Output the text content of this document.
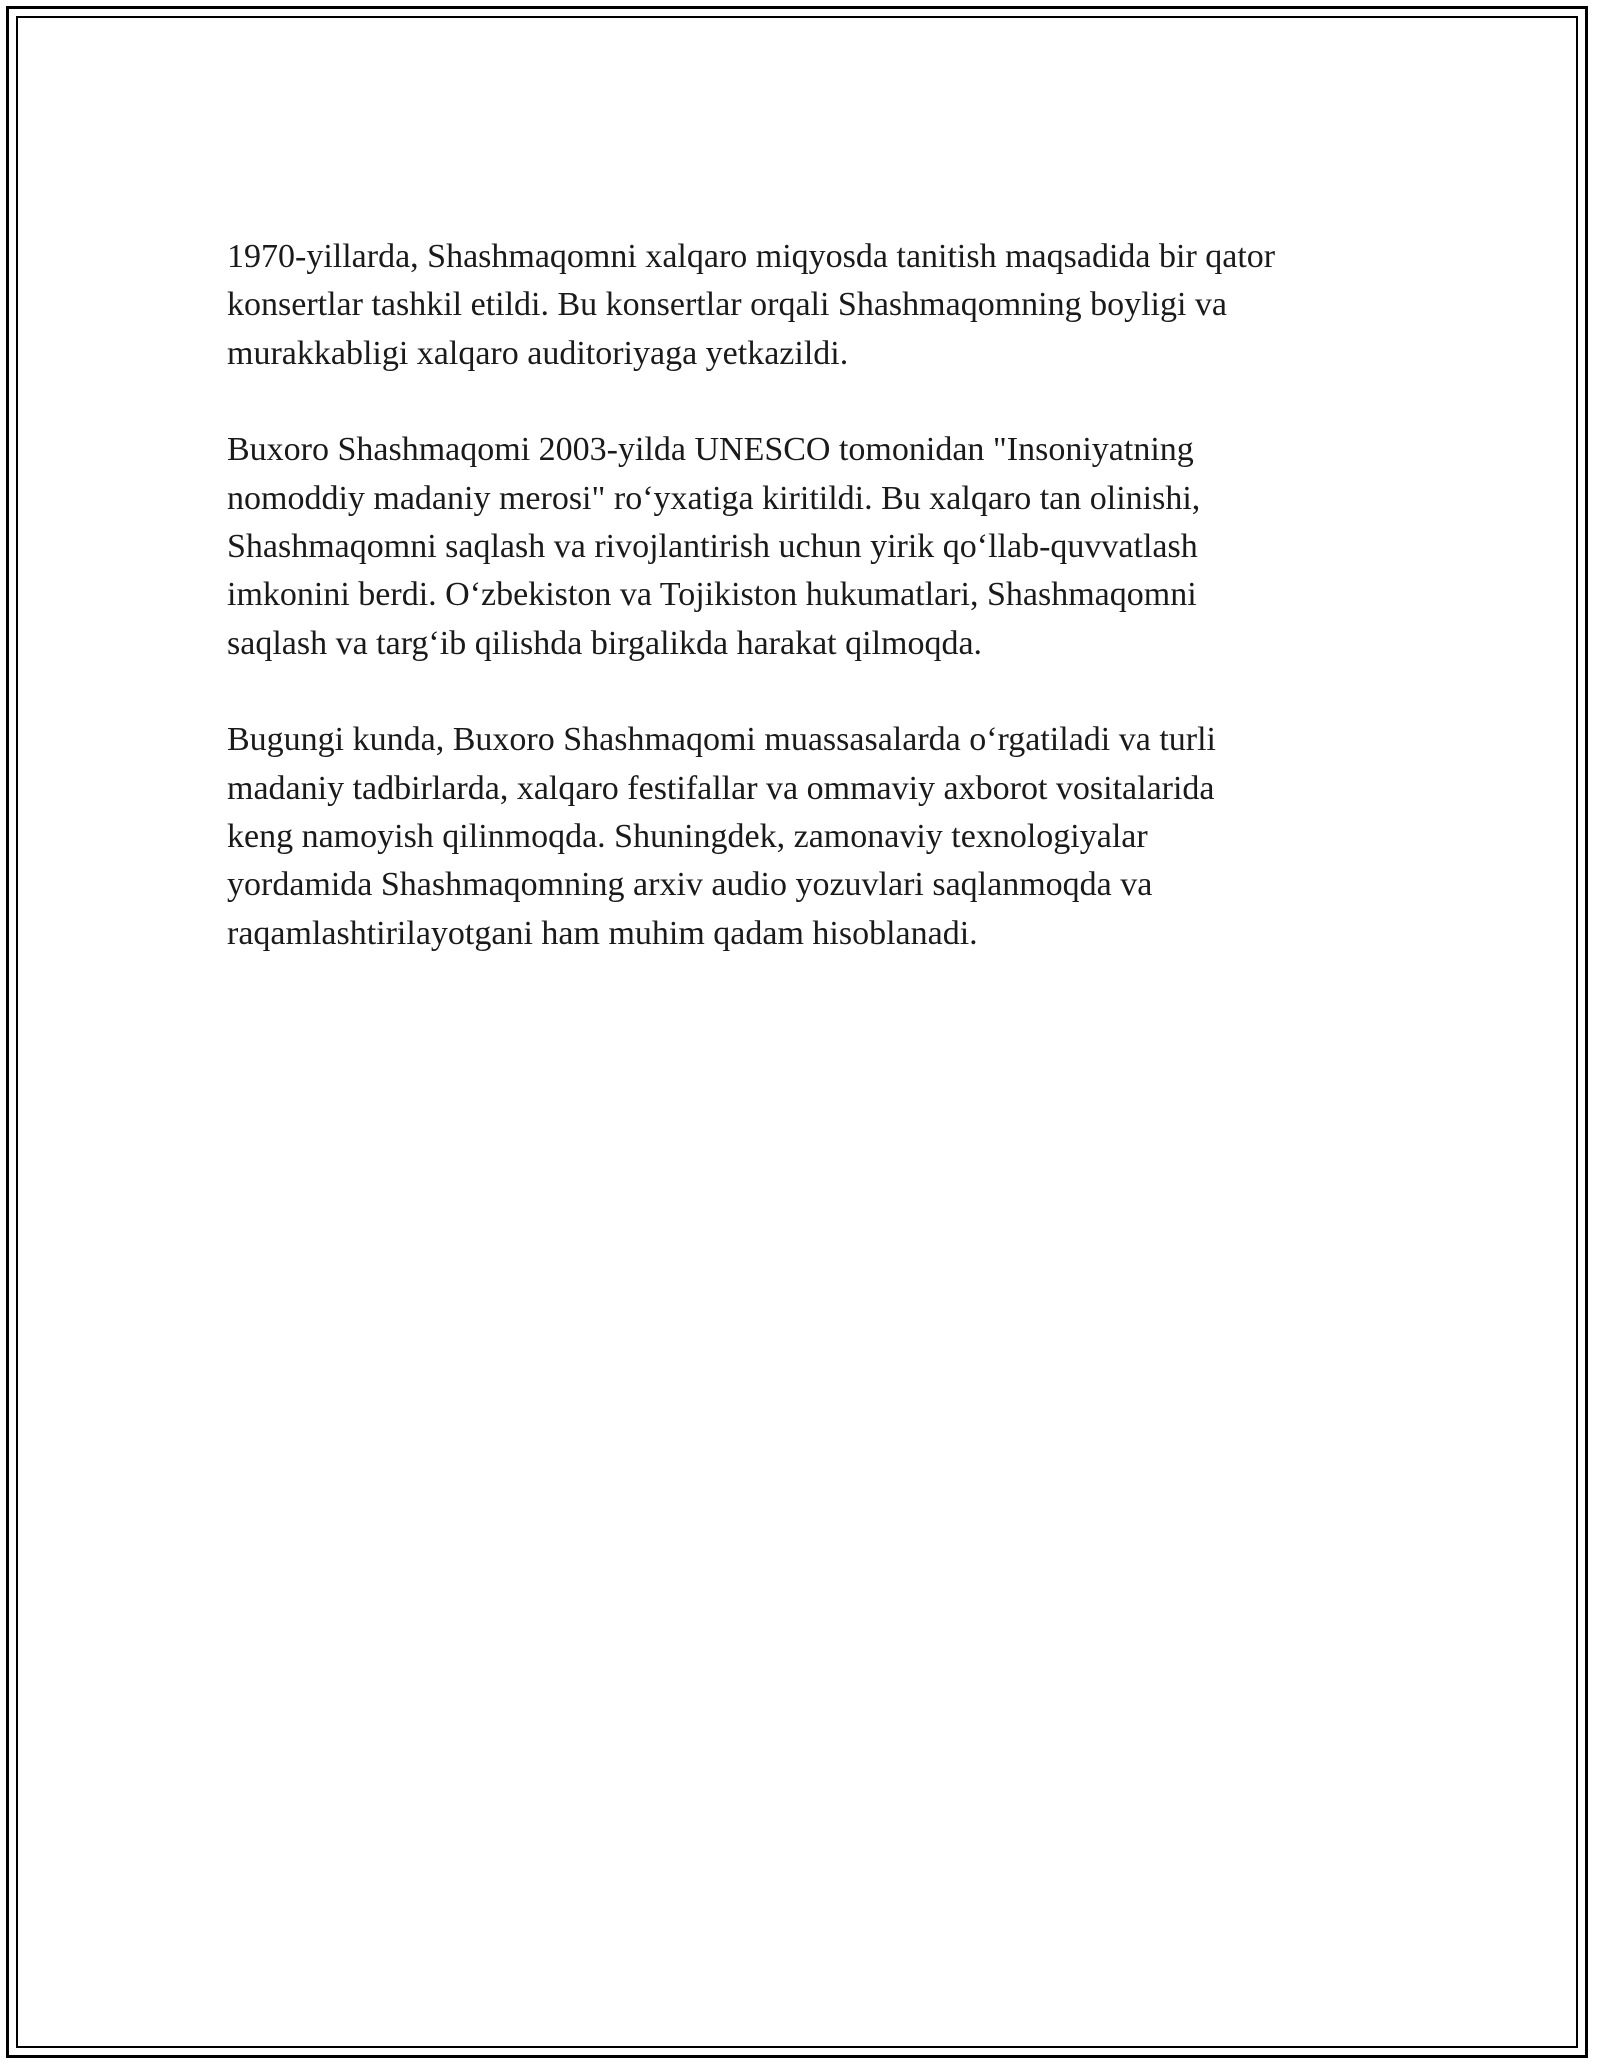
1970-yillarda, Shashmaqomni xalqaro miqyosda tanitish maqsadida bir qator
konsertlar tashkil etildi. Bu konsertlar orqali Shashmaqomning boyligi va
murakkabligi xalqaro auditoriyaga yetkazildi.

Buxoro Shashmaqomi 2003-yilda UNESCO tomonidan "Insoniyatning
nomoddiy madaniy merosi" ro‘yxatiga kiritildi. Bu xalqaro tan olinishi,
Shashmaqomni saqlash va rivojlantirish uchun yirik qo‘llab-quvvatlash
imkonini berdi. O‘zbekiston va Tojikiston hukumatlari, Shashmaqomni
saqlash va targ‘ib qilishda birgalikda harakat qilmoqda.

Bugungi kunda, Buxoro Shashmaqomi muassasalarda o‘rgatiladi va turli
madaniy tadbirlarda, xalqaro festifallar va ommaviy axborot vositalarida
keng namoyish qilinmoqda. Shuningdek, zamonaviy texnologiyalar
yordamida Shashmaqomning arxiv audio yozuvlari saqlanmoqda va
raqamlashtirilayotgani ham muhim qadam hisoblanadi.
